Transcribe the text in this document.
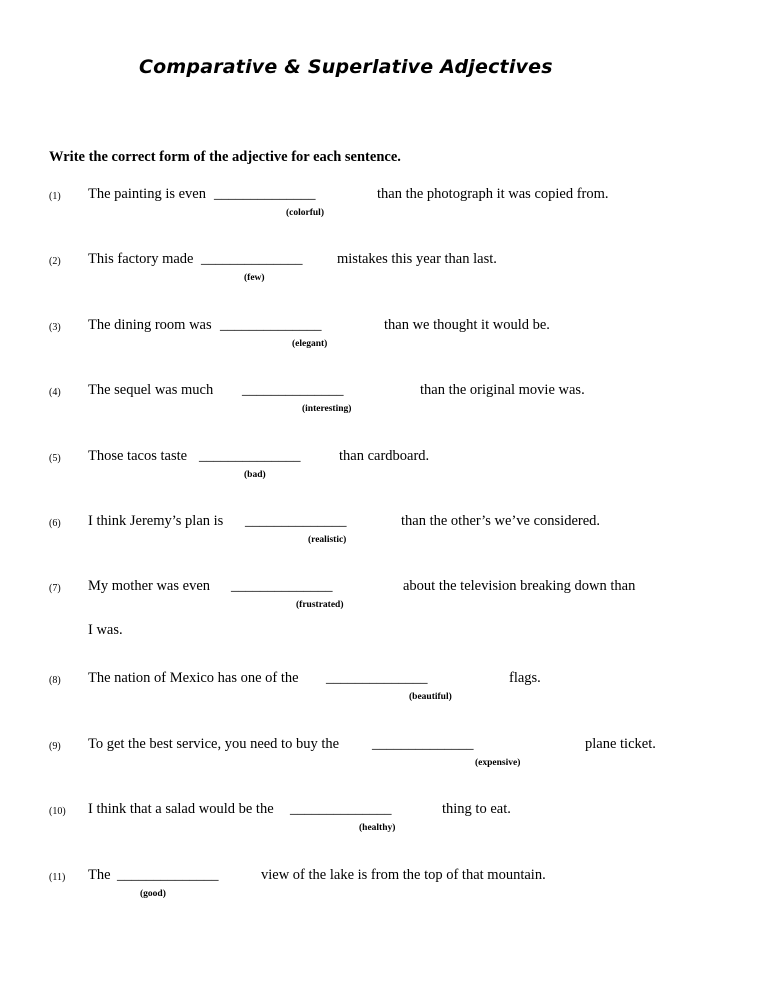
Comparative & Superlative Adjectives
Write the correct form of the adjective for each sentence.
(1) The painting is even ______________	than the photograph it was copied from.
(colorful)
(2) This factory made ______________ mistakes this year than last.
(few)
(3) The dining room was ______________	than we thought it would be.
(elegant)
(4) The sequel was much ______________	than the original movie was.
(interesting)
(5) Those tacos taste ______________	than cardboard.
(bad)
(6) I think Jeremy’s plan is ______________	than the other’s we’ve considered.
(realistic)
(7) My mother was even ______________	about the television breaking down than
(frustrated)
I was.
(8) The nation of Mexico has one of the ______________	flags.
(beautiful)
(9) To get the best service, you need to buy the ______________	plane ticket.
(expensive)
(10) I think that a salad would be the ______________	thing to eat.
(healthy)
(11) The ______________	view of the lake is from the top of that mountain.
(good)
